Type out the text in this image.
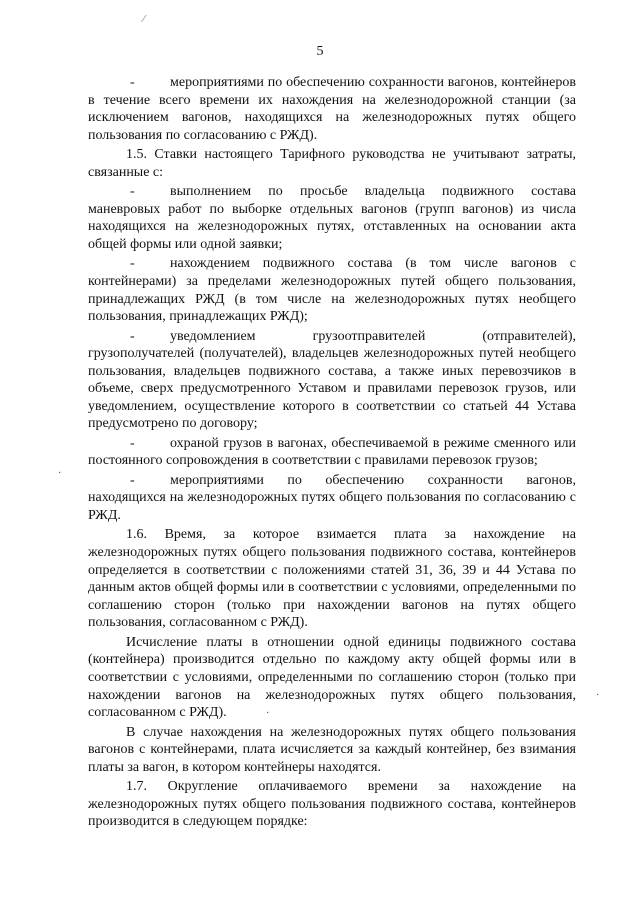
⁄
·
·
·
5

-	мероприятиями по обеспечению сохранности вагонов, контейнеров в течение всего времени их нахождения на железнодорожной станции (за исключением вагонов, находящихся на железнодорожных путях общего пользования по согласованию с РЖД).

1.5. Ставки настоящего Тарифного руководства не учитывают затраты, связанные с:

-	выполнением по просьбе владельца подвижного состава маневровых работ по выборке отдельных вагонов (групп вагонов) из числа находящихся на железнодорожных путях, отставленных на основании акта общей формы или одной заявки;

-	нахождением подвижного состава (в том числе вагонов с контейнерами) за пределами железнодорожных путей общего пользования, принадлежащих РЖД (в том числе на железнодорожных путях необщего пользования, принадлежащих РЖД);

-	уведомлением грузоотправителей (отправителей), грузополучателей (получателей), владельцев железнодорожных путей необщего пользования, владельцев подвижного состава, а также иных перевозчиков в объеме, сверх предусмотренного Уставом и правилами перевозок грузов, или уведомлением, осуществление которого в соответствии со статьей 44 Устава предусмотрено по договору;

-	охраной грузов в вагонах, обеспечиваемой в режиме сменного или постоянного сопровождения в соответствии с правилами перевозок грузов;

-	мероприятиями по обеспечению сохранности вагонов, находящихся на железнодорожных путях общего пользования по согласованию с РЖД.

1.6. Время, за которое взимается плата за нахождение на железнодорожных путях общего пользования подвижного состава, контейнеров определяется в соответствии с положениями статей 31, 36, 39 и 44 Устава по данным актов общей формы или в соответствии с условиями, определенными по соглашению сторон (только при нахождении вагонов на путях общего пользования, согласованном с РЖД).

Исчисление платы в отношении одной единицы подвижного состава (контейнера) производится отдельно по каждому акту общей формы или в соответствии с условиями, определенными по соглашению сторон (только при нахождении вагонов на железнодорожных путях общего пользования, согласованном с РЖД).

В случае нахождения на железнодорожных путях общего пользования вагонов с контейнерами, плата исчисляется за каждый контейнер, без взимания платы за вагон, в котором контейнеры находятся.

1.7. Округление оплачиваемого времени за нахождение на железнодорожных путях общего пользования подвижного состава, контейнеров производится в следующем порядке:
